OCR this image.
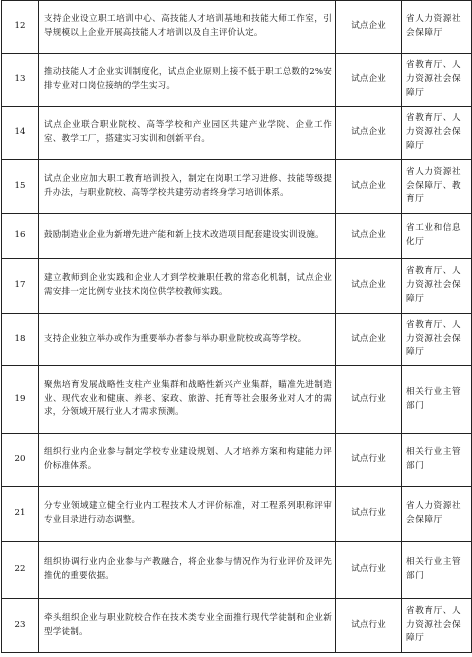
12	支持企业设立职工培训中心、高技能人才培训基地和技能大师工作室，引导规模以上企业开展高技能人才培训以及自主评价认定。	试点企业	省人力资源社会保障厅
13	推动技能人才企业实训制度化，试点企业原则上接不低于职工总数的2%安排专业对口岗位接纳的学生实习。	试点企业	省教育厅、人力资源社会保障厅
14	试点企业联合职业院校、高等学校和产业园区共建产业学院、企业工作室、教学工厂，搭建实习实训和创新平台。	试点企业	省教育厅、人力资源社会保障厅
15	试点企业应加大职工教育培训投入，制定在岗职工学习进修、技能等级提升办法，与职业院校、高等学校共建劳动者终身学习培训体系。	试点企业	省人力资源社会保障厅、教育厅
16	鼓励制造业企业为新增先进产能和新上技术改造项目配套建设实训设施。	试点企业	省工业和信息化厅
17	建立教师到企业实践和企业人才到学校兼职任教的常态化机制，试点企业需安排一定比例专业技术岗位供学校教师实践。	试点企业	省教育厅、人力资源社会保障厅
18	支持企业独立举办或作为重要举办者参与举办职业院校或高等学校。	试点企业	省教育厅、人力资源社会保障厅
19	聚焦培育发展战略性支柱产业集群和战略性新兴产业集群，瞄准先进制造业、现代农业和健康、养老、家政、旅游、托育等社会服务业对人才的需求，分领域开展行业人才需求预测。	试点行业	相关行业主管部门
20	组织行业内企业参与制定学校专业建设规划、人才培养方案和构建能力评价标准体系。	试点行业	相关行业主管部门
21	分专业领域建立健全行业内工程技术人才评价标准，对工程系列职称评审专业目录进行动态调整。	试点行业	省人力资源社会保障厅
22	组织协调行业内企业参与产教融合，将企业参与情况作为行业评价及评先推优的重要依据。	试点行业	相关行业主管部门
23	牵头组织企业与职业院校合作在技术类专业全面推行现代学徒制和企业新型学徒制。	试点行业	省教育厅、人力资源社会保障厅
